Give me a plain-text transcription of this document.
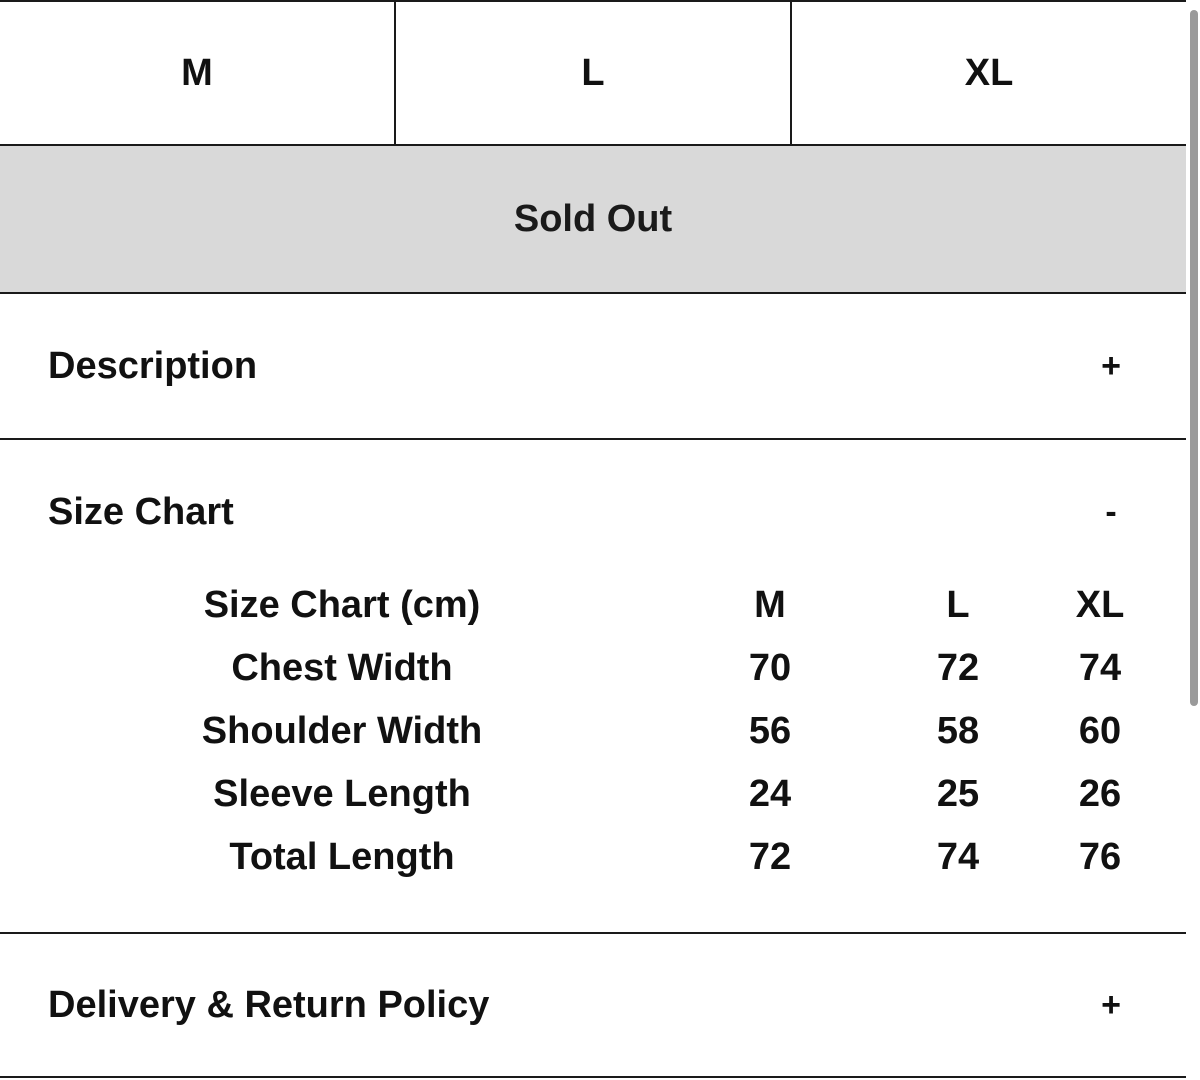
M	L	XL
Sold Out
Description	+
Size Chart	-
Size Chart (cm)	M	L	XL
Chest Width	70	72	74
Shoulder Width	56	58	60
Sleeve Length	24	25	26
Total Length	72	74	76
Delivery & Return Policy	+
